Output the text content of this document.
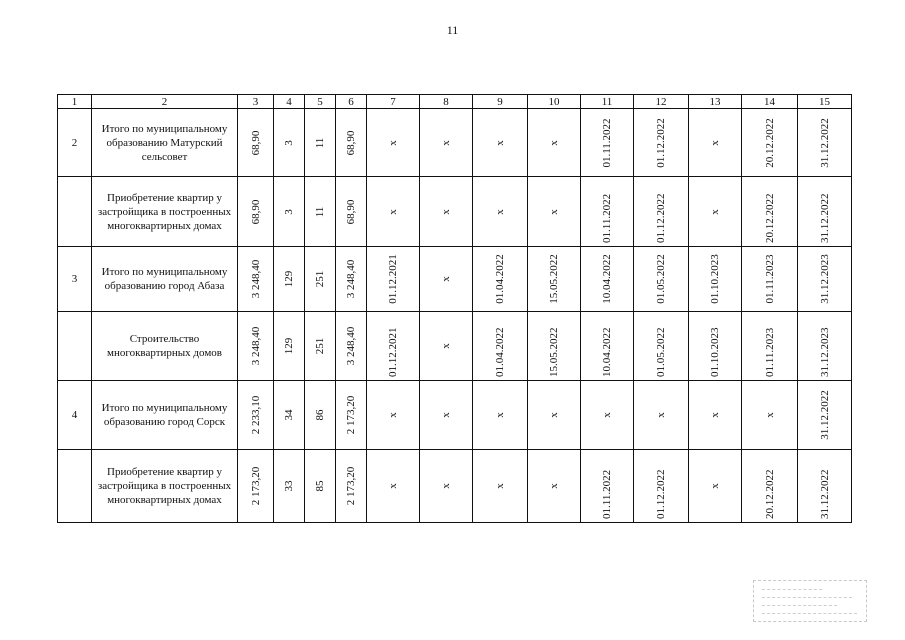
11
1	2	3	4	5	6	7	8	9	10	11	12	13	14	15
2	Итого по муниципальному образованию Матурский сельсовет	68,90	3	11	68,90	x	x	x	x	01.11.2022	01.12.2022	x	20.12.2022	31.12.2022

	Приобретение квартир у застройщика в построенных многоквартирных домах	68,90	3	11	68,90	x	x	x	x	01.11.2022	01.12.2022	x	20.12.2022	31.12.2022

3	Итого по муниципальному образованию город Абаза	3 248,40	129	251	3 248,40	01.12.2021	x	01.04.2022	15.05.2022	10.04.2022	01.05.2022	01.10.2023	01.11.2023	31.12.2023

	Строительство многоквартирных домов	3 248,40	129	251	3 248,40	01.12.2021	x	01.04.2022	15.05.2022	10.04.2022	01.05.2022	01.10.2023	01.11.2023	31.12.2023

4	Итого по муниципальному образованию город Сорск	2 233,10	34	86	2 173,20	x	x	x	x	x	x	x	x	31.12.2022

	Приобретение квартир у застройщика в построенных многоквартирных домах	2 173,20	33	85	2 173,20	x	x	x	x	01.11.2022	01.12.2022	x	20.12.2022	31.12.2022
